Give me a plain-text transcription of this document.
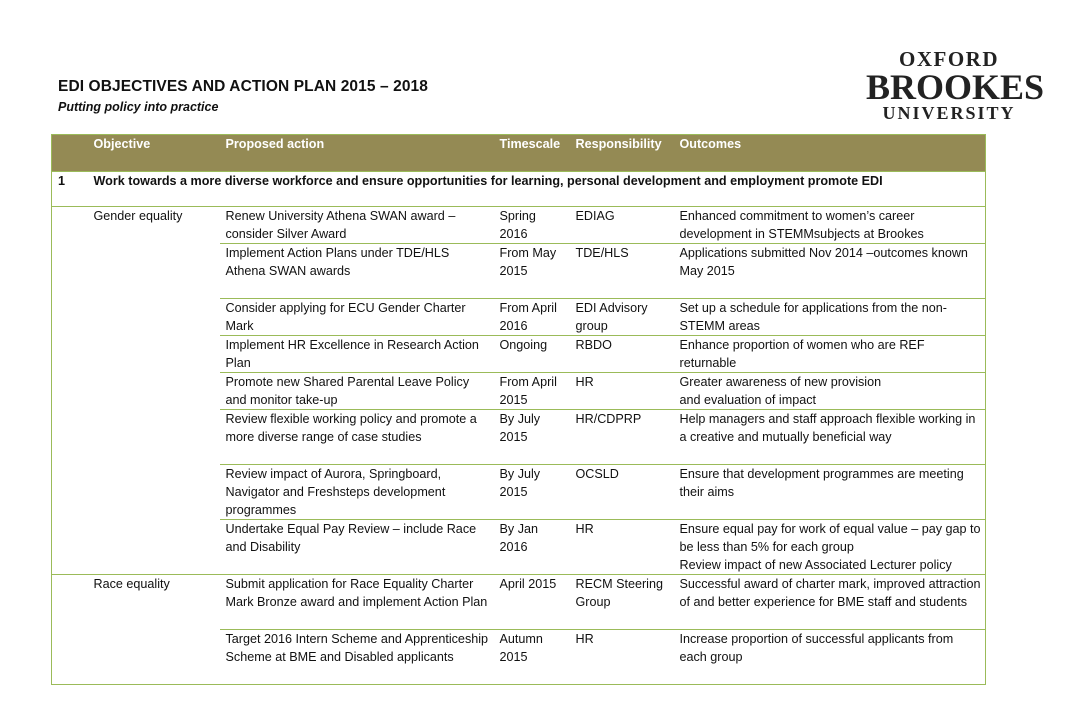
EDI OBJECTIVES AND ACTION PLAN 2015 – 2018
Putting policy into practice
OXFORD
BROOKES
UNIVERSITY
	Objective	Proposed action	Timescale	Responsibility	Outcomes
1	Work towards a more diverse workforce and ensure opportunities for learning, personal development and employment promote EDI				
	Gender equality	Renew University Athena SWAN award – consider Silver Award	Spring 2016	EDIAG	Enhanced commitment to women’s career development in STEMMsubjects at Brookes
		Implement Action Plans under TDE/HLS Athena SWAN awards	From May 2015	TDE/HLS	Applications submitted Nov 2014 –outcomes known May 2015
		Consider applying for ECU Gender Charter Mark	From April 2016	EDI Advisory group	Set up a schedule for applications from the non-STEMM areas
		Implement HR Excellence in Research Action Plan	Ongoing	RBDO	Enhance proportion of women who are REF returnable
		Promote new Shared Parental Leave Policy and monitor take-up	From April 2015	HR	Greater awareness of new provision
and evaluation of impact
		Review flexible working policy and promote a more diverse range of case studies	By July 2015	HR/CDPRP	Help managers and staff approach flexible working in a creative and mutually beneficial way
		Review impact of Aurora, Springboard, Navigator and Freshsteps development programmes	By July 2015	OCSLD	Ensure that development programmes are meeting their aims
		Undertake Equal Pay Review – include Race and Disability	By Jan 2016	HR	Ensure equal pay for work of equal value – pay gap to be less than 5% for each group
Review impact of new Associated Lecturer policy
	Race equality	Submit application for Race Equality Charter Mark Bronze award and implement Action Plan	April 2015	RECM Steering Group	Successful award of charter mark, improved attraction of and better experience for BME staff and students
		Target 2016 Intern Scheme and Apprenticeship Scheme at BME and Disabled applicants	Autumn 2015	HR	Increase proportion of successful applicants from each group
